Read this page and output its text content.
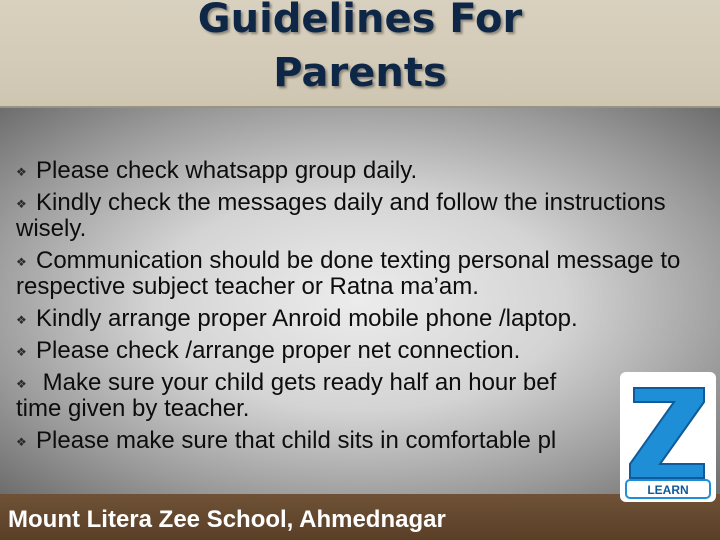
Guidelines For
Parents
❖ Please check whatsapp group daily.
❖ Kindly check the messages daily and follow the instructions wisely.
❖ Communication should be done texting personal message to respective subject teacher or Ratna ma’am.
❖ Kindly arrange proper Anroid mobile phone /laptop.
❖ Please check /arrange proper net connection.
❖ Make sure your child gets ready half an hour bef
time given by teacher.
❖ Please make sure that child sits in comfortable pl

Mount Litera Zee School, Ahmednagar

LEARN
